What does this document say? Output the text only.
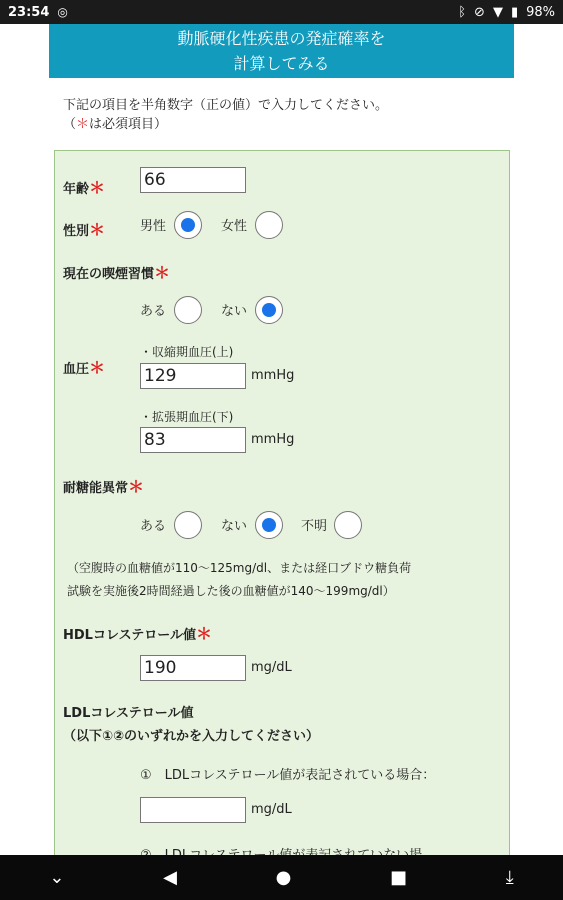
23:54 ◎	ᛒ ⊘ ▼ ▮ 98%
動脈硬化性疾患の発症確率を
計算してみる
下記の項目を半角数字（正の値）で入力してください。
（＊は必須項目）
年齢＊ 66
性別＊	男性	女性
現在の喫煙習慣＊
ある	ない
血圧＊
・収縮期血圧(上)
129	mmHg
・拡張期血圧(下)
83	mmHg
耐糖能異常＊
ある	ない	不明
（空腹時の血糖値が110〜125mg/dl、または経口ブドウ糖負荷
試験を実施後2時間経過した後の血糖値が140〜199mg/dl）
HDLコレステロール値＊
190	mg/dL
LDLコレステロール値
（以下①②のいずれかを入力してください）
①　LDLコレステロール値が表記されている場合：
mg/dL
⌄	◀	●	■	⤓
